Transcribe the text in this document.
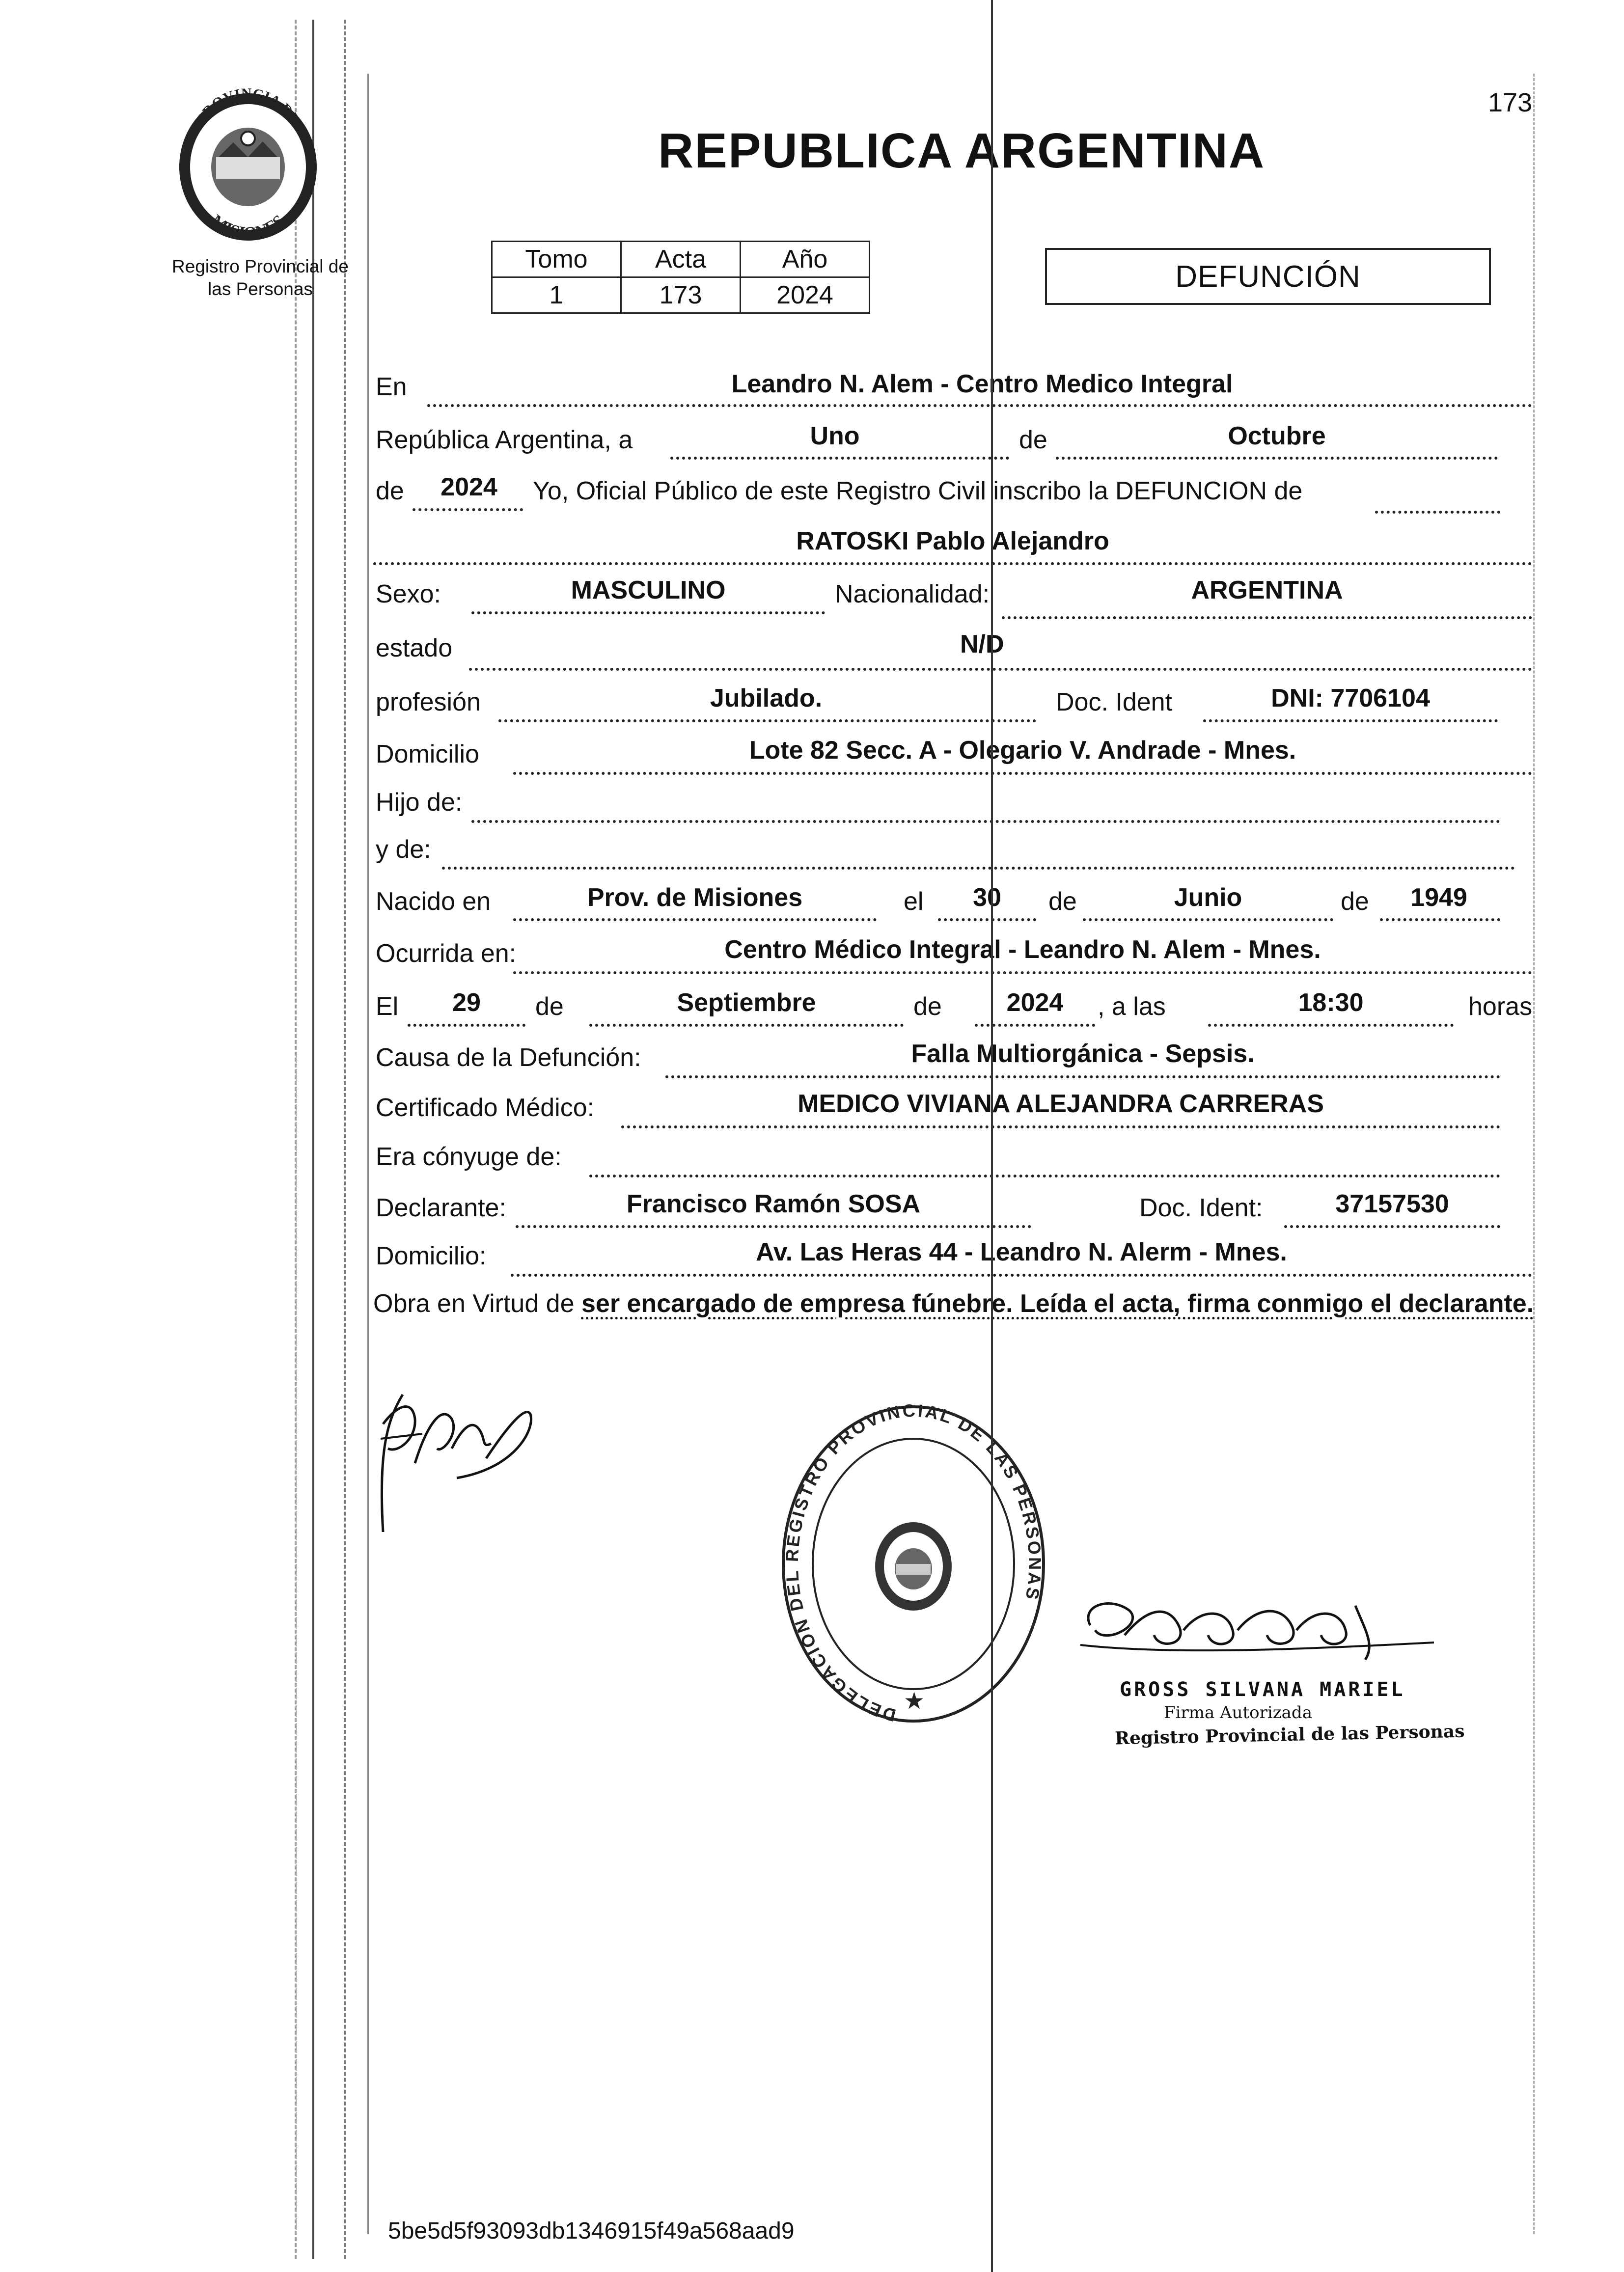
PROVINCIA DE
MISIONES
Registro Provincial de
las Personas
173
REPUBLICA ARGENTINA
Tomo	Acta	Año
1	173	2024
DEFUNCIÓN
En	Leandro N. Alem - Centro Medico Integral
República Argentina, a	Uno	de	Octubre
de	2024	Yo, Oficial Público de este Registro Civil inscribo la DEFUNCION de
RATOSKI Pablo Alejandro
Sexo:	MASCULINO	Nacionalidad:	ARGENTINA
estado	N/D
profesión	Jubilado.	Doc. Ident	DNI: 7706104
Domicilio	Lote 82 Secc. A - Olegario V. Andrade - Mnes.
Hijo de:
y de:
Nacido en	Prov. de Misiones	el	30	de	Junio	de	1949
Ocurrida en:	Centro Médico Integral - Leandro N. Alem - Mnes.
El	29	de	Septiembre	de	2024	, a las	18:30	horas
Causa de la Defunción:	Falla Multiorgánica - Sepsis.
Certificado Médico:	MEDICO VIVIANA ALEJANDRA CARRERAS
Era cónyuge de:
Declarante:	Francisco Ramón SOSA	Doc. Ident:	37157530
Domicilio:	Av. Las Heras 44 - Leandro N. Alerm - Mnes.
Obra en Virtud de ser encargado de empresa fúnebre. Leída el acta, firma conmigo el declarante.
DELEGACION DEL REGISTRO PROVINCIAL DE LAS PERSONAS
★	GROSS SILVANA MARIEL
Firma Autorizada
Registro Provincial de las Personas
5be5d5f93093db1346915f49a568aad9
